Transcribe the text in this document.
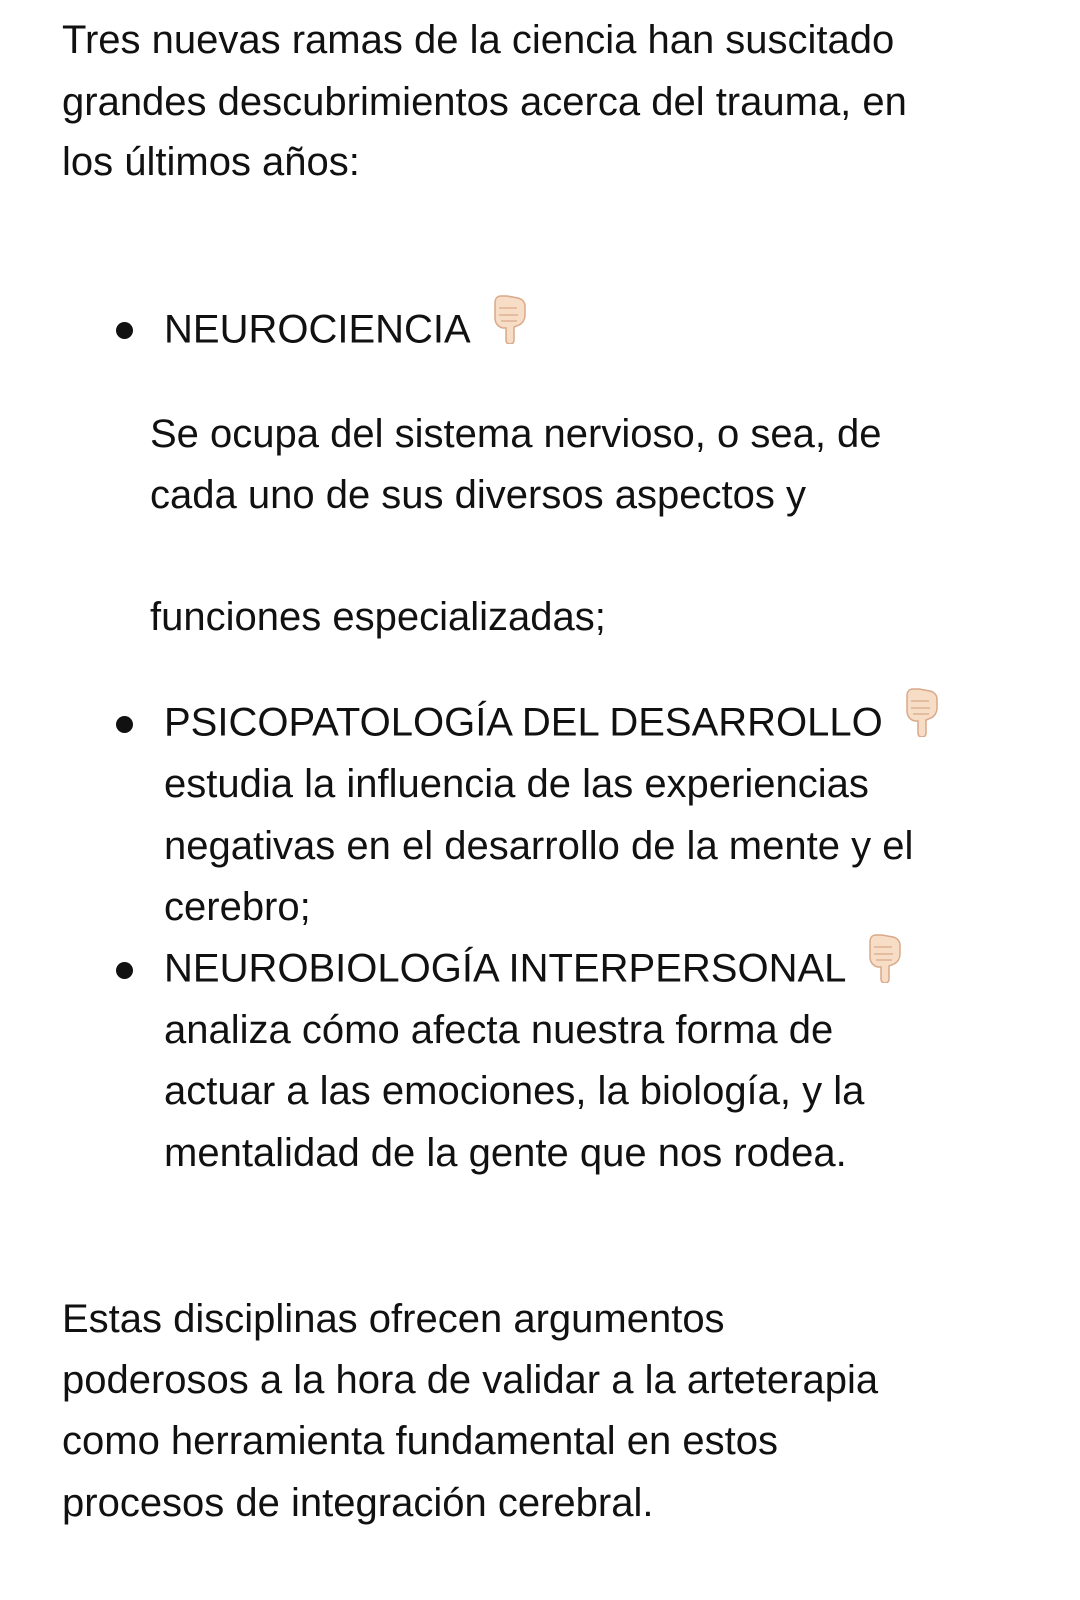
Tres nuevas ramas de la ciencia han suscitado
grandes descubrimientos acerca del trauma, en
los últimos años:
NEUROCIENCIA
Se ocupa del sistema nervioso, o sea, de
cada uno de sus diversos aspectos y
funciones especializadas;
PSICOPATOLOGÍA DEL DESARROLLO
estudia la influencia de las experiencias
negativas en el desarrollo de la mente y el
cerebro;
NEUROBIOLOGÍA INTERPERSONAL
analiza cómo afecta nuestra forma de
actuar a las emociones, la biología, y la
mentalidad de la gente que nos rodea.
Estas disciplinas ofrecen argumentos
poderosos a la hora de validar a la arteterapia
como herramienta fundamental en estos
procesos de integración cerebral.
